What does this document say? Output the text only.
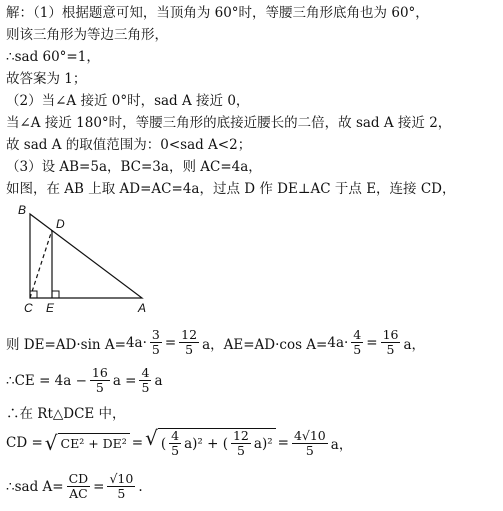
解：（1）根据题意可知，当顶角为 60°时，等腰三角形底角也为 60°，
则该三角形为等边三角形，
∴sad 60°=1，
故答案为 1；
（2）当∠A 接近 0°时，sad A 接近 0，
当∠A 接近 180°时，等腰三角形的底接近腰长的二倍，故 sad A 接近 2，
故 sad A 的取值范围为：0<sad A<2；
（3）设 AB=5a，BC=3a，则 AC=4a，
如图，在 AB 上取 AD=AC=4a，过点 D 作 DE⊥AC 于点 E，连接 CD，
B
D
C E	A
则 DE=AD·sin $A= 4a\cdot \frac{3}{5} = \frac{12}{5}$ a，AE=AD·cos $A= 4a\cdot \frac{4}{5} = \frac{16}{5}$ a，
∴CE = $4a - \frac{16}{5}$ $a = \frac{4}{5}$ a
∴在 Rt△DCE 中，
CD = √ CE² + DE² = √ ( $\frac{4}{5} a)^2$ + ( $\frac{12}{5} a)^2 = \frac{4√10}{5}$ a，
∴sad $A= \frac{CD}{AC} = \frac{√10}{5}$ .
